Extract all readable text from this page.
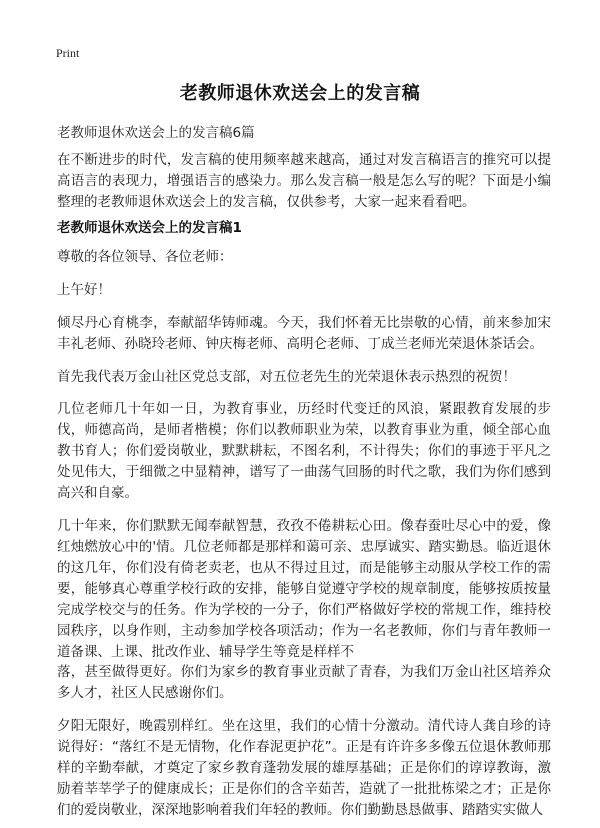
Print
老教师退休欢送会上的发言稿
老教师退休欢送会上的发言稿6篇
在不断进步的时代，发言稿的使用频率越来越高，通过对发言稿语言的推究可以提高语言的表现力，增强语言的感染力。那么发言稿一般是怎么写的呢？下面是小编整理的老教师退休欢送会上的发言稿，仅供参考，大家一起来看看吧。
老教师退休欢送会上的发言稿1
尊敬的各位领导、各位老师：
上午好！
倾尽丹心育桃李，奉献韶华铸师魂。今天，我们怀着无比崇敬的心情，前来参加宋丰礼老师、孙晓玲老师、钟庆梅老师、高明仑老师、丁成兰老师光荣退休茶话会。
首先我代表万金山社区党总支部，对五位老先生的光荣退休表示热烈的祝贺！
几位老师几十年如一日，为教育事业，历经时代变迁的风浪，紧跟教育发展的步伐，师德高尚，是师者楷模；你们以教师职业为荣，以教育事业为重，倾全部心血教书育人；你们爱岗敬业，默默耕耘，不图名利，不计得失；你们的事迹于平凡之处见伟大，于细微之中显精神，谱写了一曲荡气回肠的时代之歌，我们为你们感到高兴和自豪。
几十年来，你们默默无闻奉献智慧，孜孜不倦耕耘心田。像春蚕吐尽心中的爱，像红烛燃放心中的'情。几位老师都是那样和蔼可亲、忠厚诚实、踏实勤恳。临近退休的这几年，你们没有倚老卖老，也从不得过且过，而是能够主动服从学校工作的需要，能够真心尊重学校行政的安排，能够自觉遵守学校的规章制度，能够按质按量完成学校交与的任务。作为学校的一分子，你们严格做好学校的常规工作，维持校园秩序，以身作则，主动参加学校各项活动；作为一名老教师，你们与青年教师一道备课、上课、批改作业、辅导学生等竟是样样不
落，甚至做得更好。你们为家乡的教育事业贡献了青春，为我们万金山社区培养众多人才，社区人民感谢你们。
夕阳无限好，晚霞别样红。坐在这里，我们的心情十分激动。清代诗人龚自珍的诗说得好：“落红不是无情物，化作春泥更护花”。正是有许许多多像五位退休教师那样的辛勤奉献，才奠定了家乡教育蓬勃发展的雄厚基础；正是你们的谆谆教诲，激励着莘莘学子的健康成长；正是你们的含辛茹苦，造就了一批批栋梁之才；正是你们的爱岗敬业，深深地影响着我们年轻的教师。你们勤勤恳恳做事、踏踏实实做人
